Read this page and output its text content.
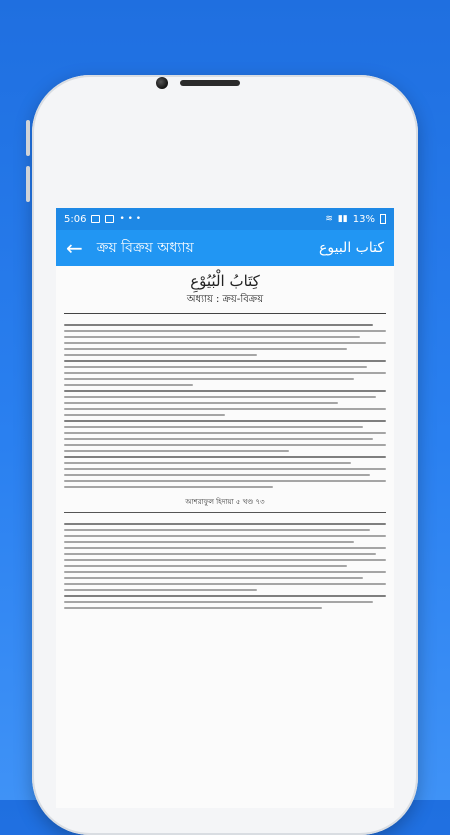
5:06	• • •	≋ ▮▮ 13%
← ক্রয় বিক্রয় অধ্যায়	كتاب البيوع
كِتَابُ الْبُيُوْعِ
অধ্যায় : ক্রয়-বিক্রয়
আশরাফুল হিদায়া ৫ খণ্ড ৭৩
